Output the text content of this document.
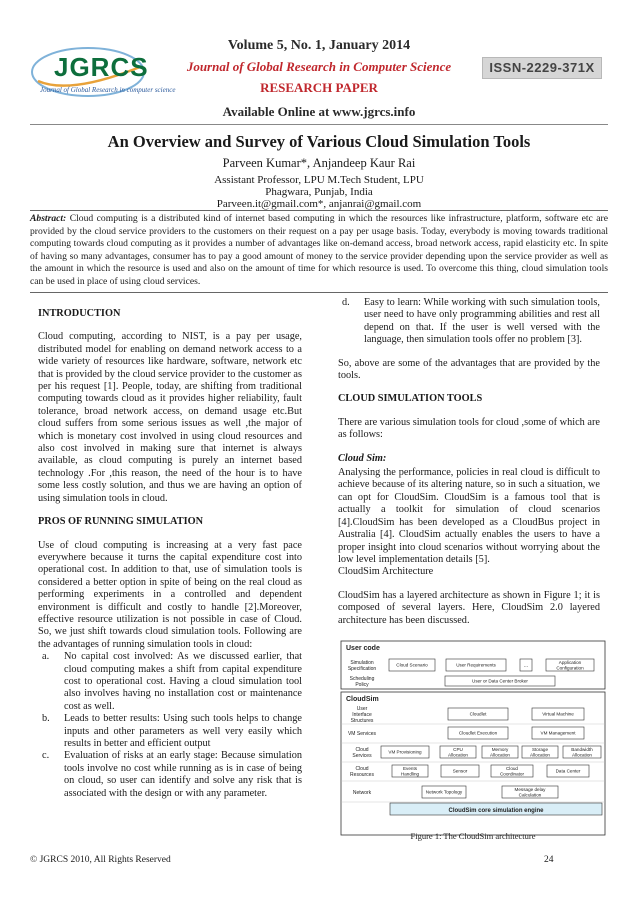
JGRCS
Journal of Global Research in computer science
Volume 5, No. 1, January 2014
Journal of Global Research in Computer Science
RESEARCH PAPER
Available Online at www.jgrcs.info
ISSN-2229-371X
An Overview and Survey of Various Cloud Simulation Tools
Parveen Kumar*, Anjandeep Kaur Rai
Assistant Professor, LPU M.Tech Student, LPU
Phagwara, Punjab, India
Parveen.it@gmail.com*, anjanrai@gmail.com
Abstract: Cloud computing is a distributed kind of internet based computing in which the resources like infrastructure, platform, software etc are provided by the cloud service providers to the customers on their request on a pay per usage basis. Today, everybody is moving towards traditional computing towards cloud computing as it provides a number of advantages like on-demand access, broad network access, rapid elasticity etc. In spite of having so many advantages, consumer has to pay a good amount of money to the service provider depending upon the service provider as well as the amount in which the resource is used and also on the amount of time for which resource is used. To overcome this thing, cloud simulation tools can be used in place of using cloud services.
INTRODUCTION

Cloud computing, according to NIST, is a pay per usage, distributed model for enabling on demand network access to a wide variety of resources like hardware, software, network etc that is provided by the cloud service provider to the customer as per his request [1]. People, today, are shifting from traditional computing towards cloud as it provides higher reliability, fault tolerance, broad network access, on demand usage etc.But cloud suffers from some serious issues as well ,the major of which is monetary cost involved in using cloud resources and also cost involved in making sure that internet is always available, as cloud computing is purely an internet based technology .For ,this reason, the need of the hour is to have some less costly solution, and thus we are having an option of using simulation tools in cloud.

PROS OF RUNNING SIMULATION

Use of cloud computing is increasing at a very fast pace everywhere because it turns the capital expenditure cost into operational cost. In addition to that, use of simulation tools is considered a better option in spite of being on the real cloud as performing experiments in a controlled and dependent environment is difficult and costly to handle [2].Moreover, effective resource utilization is not possible in case of Cloud. So, we just shift towards cloud simulation tools. Following are the advantages of running simulation tools in cloud:

a.	No capital cost involved: As we discussed earlier, that cloud computing makes a shift from capital expenditure cost to operational cost. Having a cloud simulation tool also involves having no installation cost or maintenance cost as well.
b.	Leads to better results: Using such tools helps to change inputs and other parameters as well very easily which results in better and efficient output
c.	Evaluation of risks at an early stage: Because simulation tools involve no cost while running as is in case of being on cloud, so user can identify and solve any risk that is associated with the design or with any parameter.
d.	Easy to learn: While working with such simulation tools, user need to have only programming abilities and rest all depend on that. If the user is well versed with the language, then simulation tools offer no problem [3].

So, above are some of the advantages that are provided by the tools.

CLOUD SIMULATION TOOLS

There are various simulation tools for cloud ,some of which are as follows:

Cloud Sim:

Analysing the performance, policies in real cloud is difficult to achieve because of its altering nature, so in such a situation, we can opt for CloudSim. CloudSim is a famous tool that is actually a toolkit for simulation of cloud scenarios [4].CloudSim has been developed as a CloudBus project in Australia [4]. CloudSim actually enables the users to have a proper insight into cloud scenarios without worrying about the low level implementation details [5].

CloudSim Architecture

CloudSim has a layered architecture as shown in Figure 1; it is composed of several layers. Here, CloudSim 2.0 layered architecture has been discussed.

User code
CloudSim
Simulation
Specification
Cloud Scenario	User Requirements
Application
Configuration
Scheduling
Policy
User or Data Center Broker
User
Interface
Structures
Cloudlet	Virtual Machine
VM Services	Cloudlet Execution	VM Management
Cloud
Services
VM Provisioning
CPU
Allocation
Memory
Allocation
Storage
Allocation
Bandwidth
Allocation
Cloud
Resources
Events
Handling
Sensor
Cloud
Coordinator
Data Center
Network	Network Topology
Message delay
Calculation
...
CloudSim core simulation engine
Figure 1: The CloudSim architecture
© JGRCS 2010, All Rights Reserved	24
